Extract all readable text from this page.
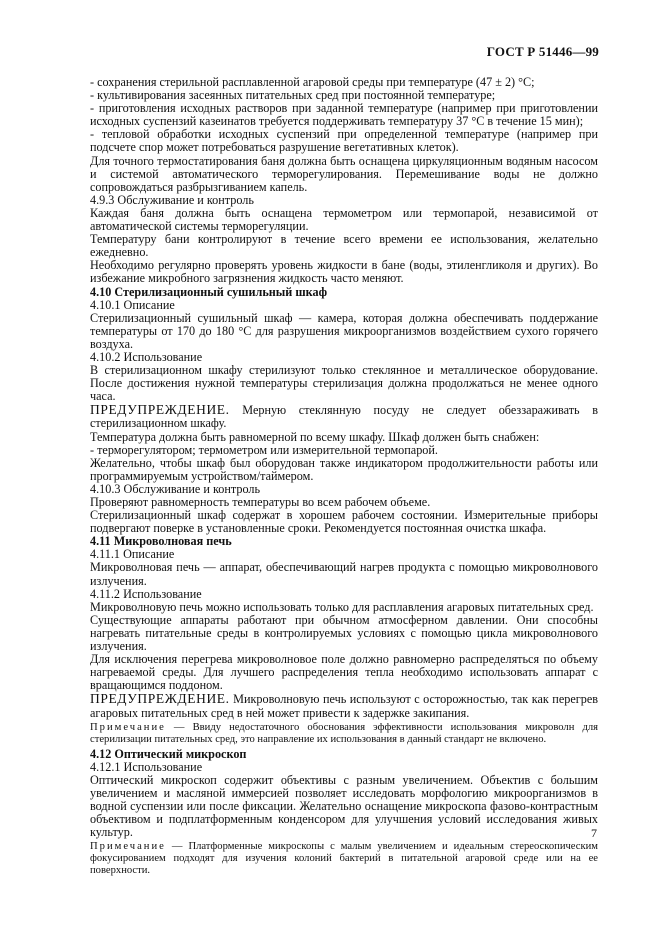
ГОСТ Р 51446—99

- сохранения стерильной расплавленной агаровой среды при температуре (47 ± 2) °С;

- культивирования засеянных питательных сред при постоянной температуре;

- приготовления исходных растворов при заданной температуре (например при приготовлении исходных суспензий казеинатов требуется поддерживать температуру 37 °С в течение 15 мин);

- тепловой обработки исходных суспензий при определенной температуре (например при подсчете спор может потребоваться разрушение вегетативных клеток).

Для точного термостатирования баня должна быть оснащена циркуляционным водяным насосом и системой автоматического терморегулирования. Перемешивание воды не должно сопровождаться разбрызгиванием капель.

4.9.3 Обслуживание и контроль

Каждая баня должна быть оснащена термометром или термопарой, независимой от автоматической системы терморегуляции.

Температуру бани контролируют в течение всего времени ее использования, желательно ежедневно.

Необходимо регулярно проверять уровень жидкости в бане (воды, этиленгликоля и других). Во избежание микробного загрязнения жидкость часто меняют.

4.10 Стерилизационный сушильный шкаф

4.10.1 Описание

Стерилизационный сушильный шкаф — камера, которая должна обеспечивать поддержание температуры от 170 до 180 °С для разрушения микроорганизмов воздействием сухого горячего воздуха.

4.10.2 Использование

В стерилизационном шкафу стерилизуют только стеклянное и металлическое оборудование. После достижения нужной температуры стерилизация должна продолжаться не менее одного часа.

ПРЕДУПРЕЖДЕНИЕ. Мерную стеклянную посуду не следует обеззараживать в стерилизационном шкафу.

Температура должна быть равномерной по всему шкафу. Шкаф должен быть снабжен:

- терморегулятором; термометром или измерительной термопарой.

Желательно, чтобы шкаф был оборудован также индикатором продолжительности работы или программируемым устройством/таймером.

4.10.3 Обслуживание и контроль

Проверяют равномерность температуры во всем рабочем объеме.

Стерилизационный шкаф содержат в хорошем рабочем состоянии. Измерительные приборы подвергают поверке в установленные сроки. Рекомендуется постоянная очистка шкафа.

4.11 Микроволновая печь

4.11.1 Описание

Микроволновая печь — аппарат, обеспечивающий нагрев продукта с помощью микроволнового излучения.

4.11.2 Использование

Микроволновую печь можно использовать только для расплавления агаровых питательных сред.

Существующие аппараты работают при обычном атмосферном давлении. Они способны нагревать питательные среды в контролируемых условиях с помощью цикла микроволнового излучения.

Для исключения перегрева микроволновое поле должно равномерно распределяться по объему нагреваемой среды. Для лучшего распределения тепла необходимо использовать аппарат с вращающимся поддоном.

ПРЕДУПРЕЖДЕНИЕ. Микроволновую печь используют с осторожностью, так как перегрев агаровых питательных сред в ней может привести к задержке закипания.

Примечание — Ввиду недостаточного обоснования эффективности использования микроволн для стерилизации питательных сред, это направление их использования в данный стандарт не включено.

4.12 Оптический микроскоп

4.12.1 Использование

Оптический микроскоп содержит объективы с разным увеличением. Объектив с большим увеличением и масляной иммерсией позволяет исследовать морфологию микроорганизмов в водной суспензии или после фиксации. Желательно оснащение микроскопа фазово-контрастным объективом и подплатформенным конденсором для улучшения условий исследования живых культур.

Примечание — Платформенные микроскопы с малым увеличением и идеальным стереоскопическим фокусированием подходят для изучения колоний бактерий в питательной агаровой среде или на ее поверхности.

7
